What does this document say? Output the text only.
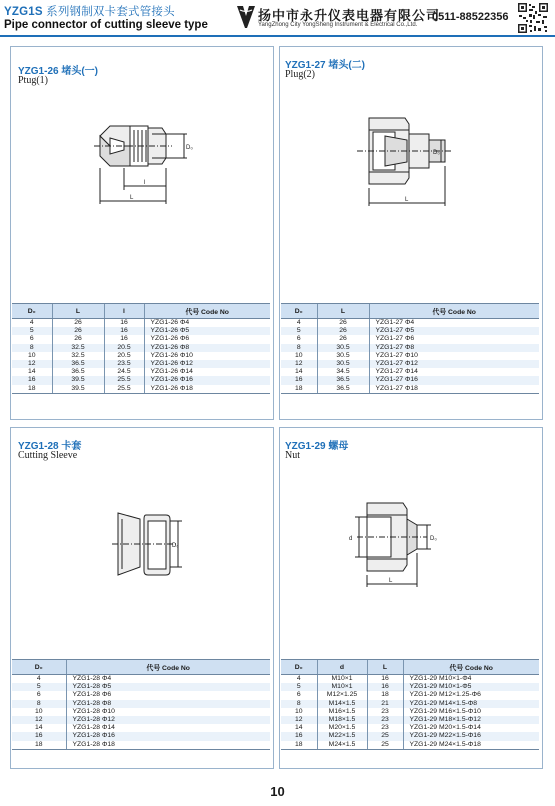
YZG1S 系列钢制双卡套式管接头
Pipe connector of cutting sleeve type
扬中市永升仪表电器有限公司
YangZhong City YongSheng Instrument & Electrical Co.,Ltd.
0511-88522356
YZG1-26 堵头(一)
Ptug(1)
D₀
l
L
D₀	L	l	代号 Code No
4	26	16	YZG1-26 Φ4
5	26	16	YZG1-26 Φ5
6	26	16	YZG1-26 Φ6
8	32.5	20.5	YZG1-26 Φ8
10	32.5	20.5	YZG1-26 Φ10
12	36.5	23.5	YZG1-26 Φ12
14	36.5	24.5	YZG1-26 Φ14
16	39.5	25.5	YZG1-26 Φ16
18	39.5	25.5	YZG1-26 Φ18
YZG1-27 堵头(二)
Plug(2)
D₀
L
D₀	L	代号 Code No
4	26	YZG1-27 Φ4
5	26	YZG1-27 Φ5
6	26	YZG1-27 Φ6
8	30.5	YZG1-27 Φ8
10	30.5	YZG1-27 Φ10
12	30.5	YZG1-27 Φ12
14	34.5	YZG1-27 Φ14
16	36.5	YZG1-27 Φ16
18	36.5	YZG1-27 Φ18
YZG1-28 卡套
Cutting Sleeve
D₀
D₀	代号 Code No
4	YZG1-28 Φ4
5	YZG1-28 Φ5
6	YZG1-28 Φ6
8	YZG1-28 Φ8
10	YZG1-28 Φ10
12	YZG1-28 Φ12
14	YZG1-28 Φ14
16	YZG1-28 Φ16
18	YZG1-28 Φ18
YZG1-29 螺母
Nut
d	D₀
L
D₀	d	L	代号 Code No
4	M10×1	16	YZG1-29 M10×1-Φ4
5	M10×1	16	YZG1-29 M10×1-Φ5
6	M12×1.25	18	YZG1-29 M12×1.25-Φ6
8	M14×1.5	21	YZG1-29 M14×1.5-Φ8
10	M16×1.5	23	YZG1-29 M16×1.5-Φ10
12	M18×1.5	23	YZG1-29 M18×1.5-Φ12
14	M20×1.5	23	YZG1-29 M20×1.5-Φ14
16	M22×1.5	25	YZG1-29 M22×1.5-Φ16
18	M24×1.5	25	YZG1-29 M24×1.5-Φ18
10
